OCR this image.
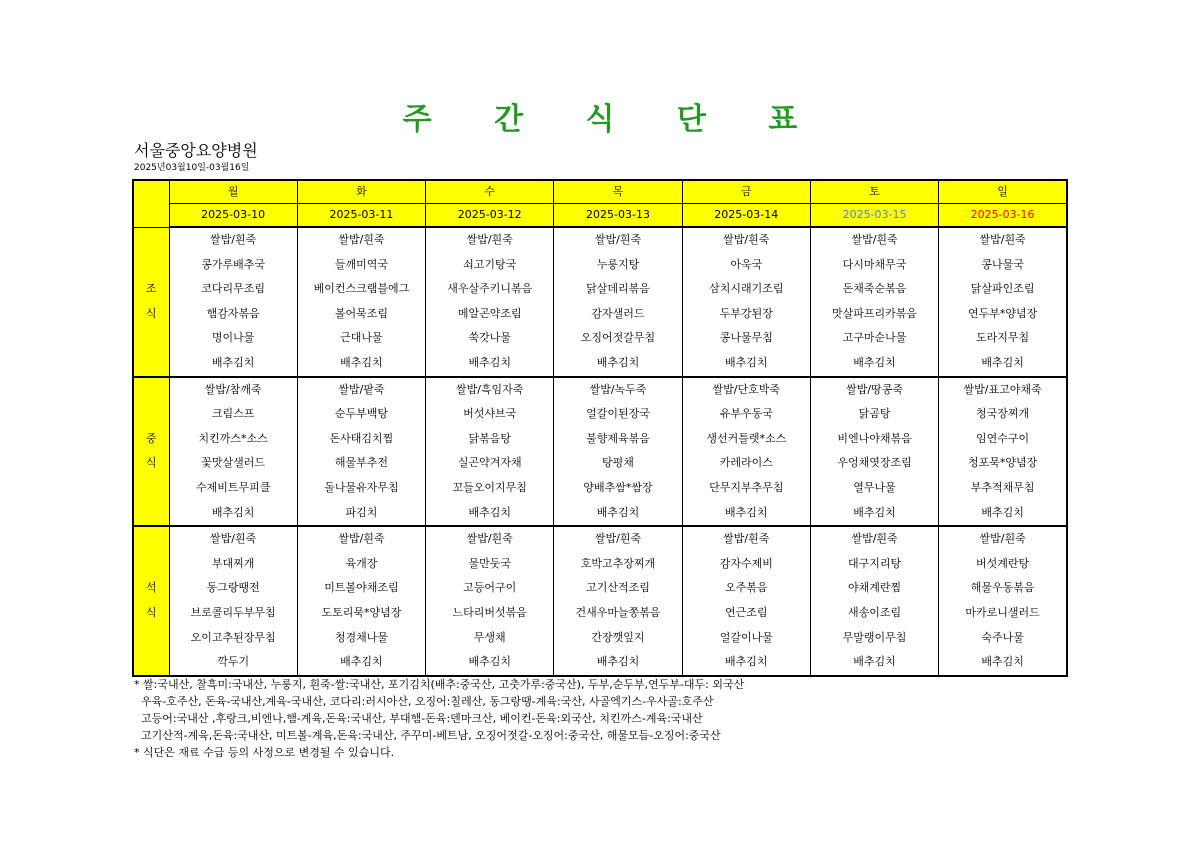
주 간 식 단 표
서울중앙요양병원
2025년03월10일-03월16일
	월	화	수	목	금	토	일
	2025-03-10	2025-03-11	2025-03-12	2025-03-13	2025-03-14	2025-03-15	2025-03-16
조
식	쌀밥/흰죽	쌀밥/흰죽	쌀밥/흰죽	쌀밥/흰죽	쌀밥/흰죽	쌀밥/흰죽	쌀밥/흰죽
	콩가루배추국	들깨미역국	쇠고기탕국	누룽지탕	아욱국	다시마채무국	콩나물국
	코다리무조림	베이컨스크램블에그	새우살주키니볶음	닭살데리볶음	삼치시래기조림	돈채죽순볶음	닭살파인조림
	햄감자볶음	볼어묵조림	메알곤약조림	감자샐러드	두부강된장	맛살파프리카볶음	연두부*양념장
	명이나물	근대나물	쑥갓나물	오징어젓갈무침	콩나물무침	고구마순나물	도라지무침
	배추김치	배추김치	배추김치	배추김치	배추김치	배추김치	배추김치
중
식	쌀밥/참깨죽	쌀밥/팥죽	쌀밥/흑임자죽	쌀밥/녹두죽	쌀밥/단호박죽	쌀밥/땅콩죽	쌀밥/표고야채죽
	크림스프	순두부백탕	버섯샤브국	얼갈이된장국	유부우동국	닭곰탕	청국장찌개
	치킨까스*소스	돈사태김치찜	닭볶음탕	불향제육볶음	생선커틀렛*소스	비엔나야채볶음	임연수구이
	꽃맛살샐러드	해물부추전	실곤약겨자채	탕평채	카레라이스	우엉채엿장조림	청포묵*양념장
	수제비트무피클	돌나물유자무침	꼬들오이지무침	양배추쌈*쌈장	단무지부추무침	열무나물	부추적채무침
	배추김치	파김치	배추김치	배추김치	배추김치	배추김치	배추김치
석
식	쌀밥/흰죽	쌀밥/흰죽	쌀밥/흰죽	쌀밥/흰죽	쌀밥/흰죽	쌀밥/흰죽	쌀밥/흰죽
	부대찌개	육개장	물만둣국	호박고추장찌개	감자수제비	대구지리탕	버섯계란탕
	동그랑땡전	미트볼야채조림	고등어구이	고기산적조림	오주볶음	야채계란찜	해물우동볶음
	브로콜리두부무침	도토리묵*양념장	느타리버섯볶음	건새우마늘쫑볶음	연근조림	새송이조림	마카로니샐러드
	오이고추된장무침	청경채나물	무생채	간장깻잎지	얼갈이나물	무말랭이무침	숙주나물
	깍두기	배추김치	배추김치	배추김치	배추김치	배추김치	배추김치
* 쌀:국내산, 찰흑미:국내산, 누룽지, 흰죽-쌀:국내산, 포기김치(배추:중국산, 고춧가루:중국산), 두부,순두부,연두부-대두: 외국산
우육-호주산, 돈육-국내산,계육-국내산, 코다리:러시아산, 오징어:칠레산, 동그랑땡-계육:국산, 사골엑기스-우사골:호주산
고등어:국내산 ,후랑크,비엔나,햄-계육,돈육:국내산, 부대햄-돈육:덴마크산, 베이컨-돈육:외국산, 치킨까스-계육:국내산
고기산적-계육,돈육:국내산, 미트볼-계육,돈육:국내산, 주꾸미-베트남, 오징어젓갈-오징어:중국산, 해물모듬-오징어:중국산
* 식단은 재료 수급 등의 사정으로 변경될 수 있습니다.
